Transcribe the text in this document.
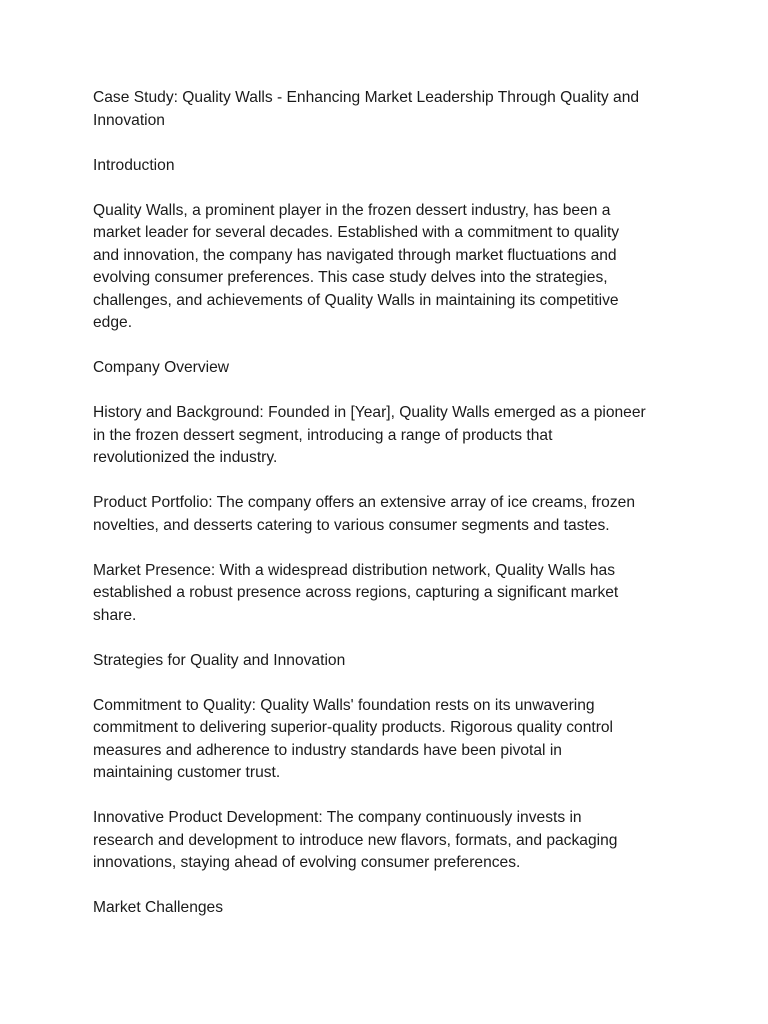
Case Study: Quality Walls - Enhancing Market Leadership Through Quality and
Innovation
Introduction
Quality Walls, a prominent player in the frozen dessert industry, has been a
market leader for several decades. Established with a commitment to quality
and innovation, the company has navigated through market fluctuations and
evolving consumer preferences. This case study delves into the strategies,
challenges, and achievements of Quality Walls in maintaining its competitive
edge.
Company Overview
History and Background: Founded in [Year], Quality Walls emerged as a pioneer
in the frozen dessert segment, introducing a range of products that
revolutionized the industry.
Product Portfolio: The company offers an extensive array of ice creams, frozen
novelties, and desserts catering to various consumer segments and tastes.
Market Presence: With a widespread distribution network, Quality Walls has
established a robust presence across regions, capturing a significant market
share.
Strategies for Quality and Innovation
Commitment to Quality: Quality Walls' foundation rests on its unwavering
commitment to delivering superior-quality products. Rigorous quality control
measures and adherence to industry standards have been pivotal in
maintaining customer trust.
Innovative Product Development: The company continuously invests in
research and development to introduce new flavors, formats, and packaging
innovations, staying ahead of evolving consumer preferences.
Market Challenges
